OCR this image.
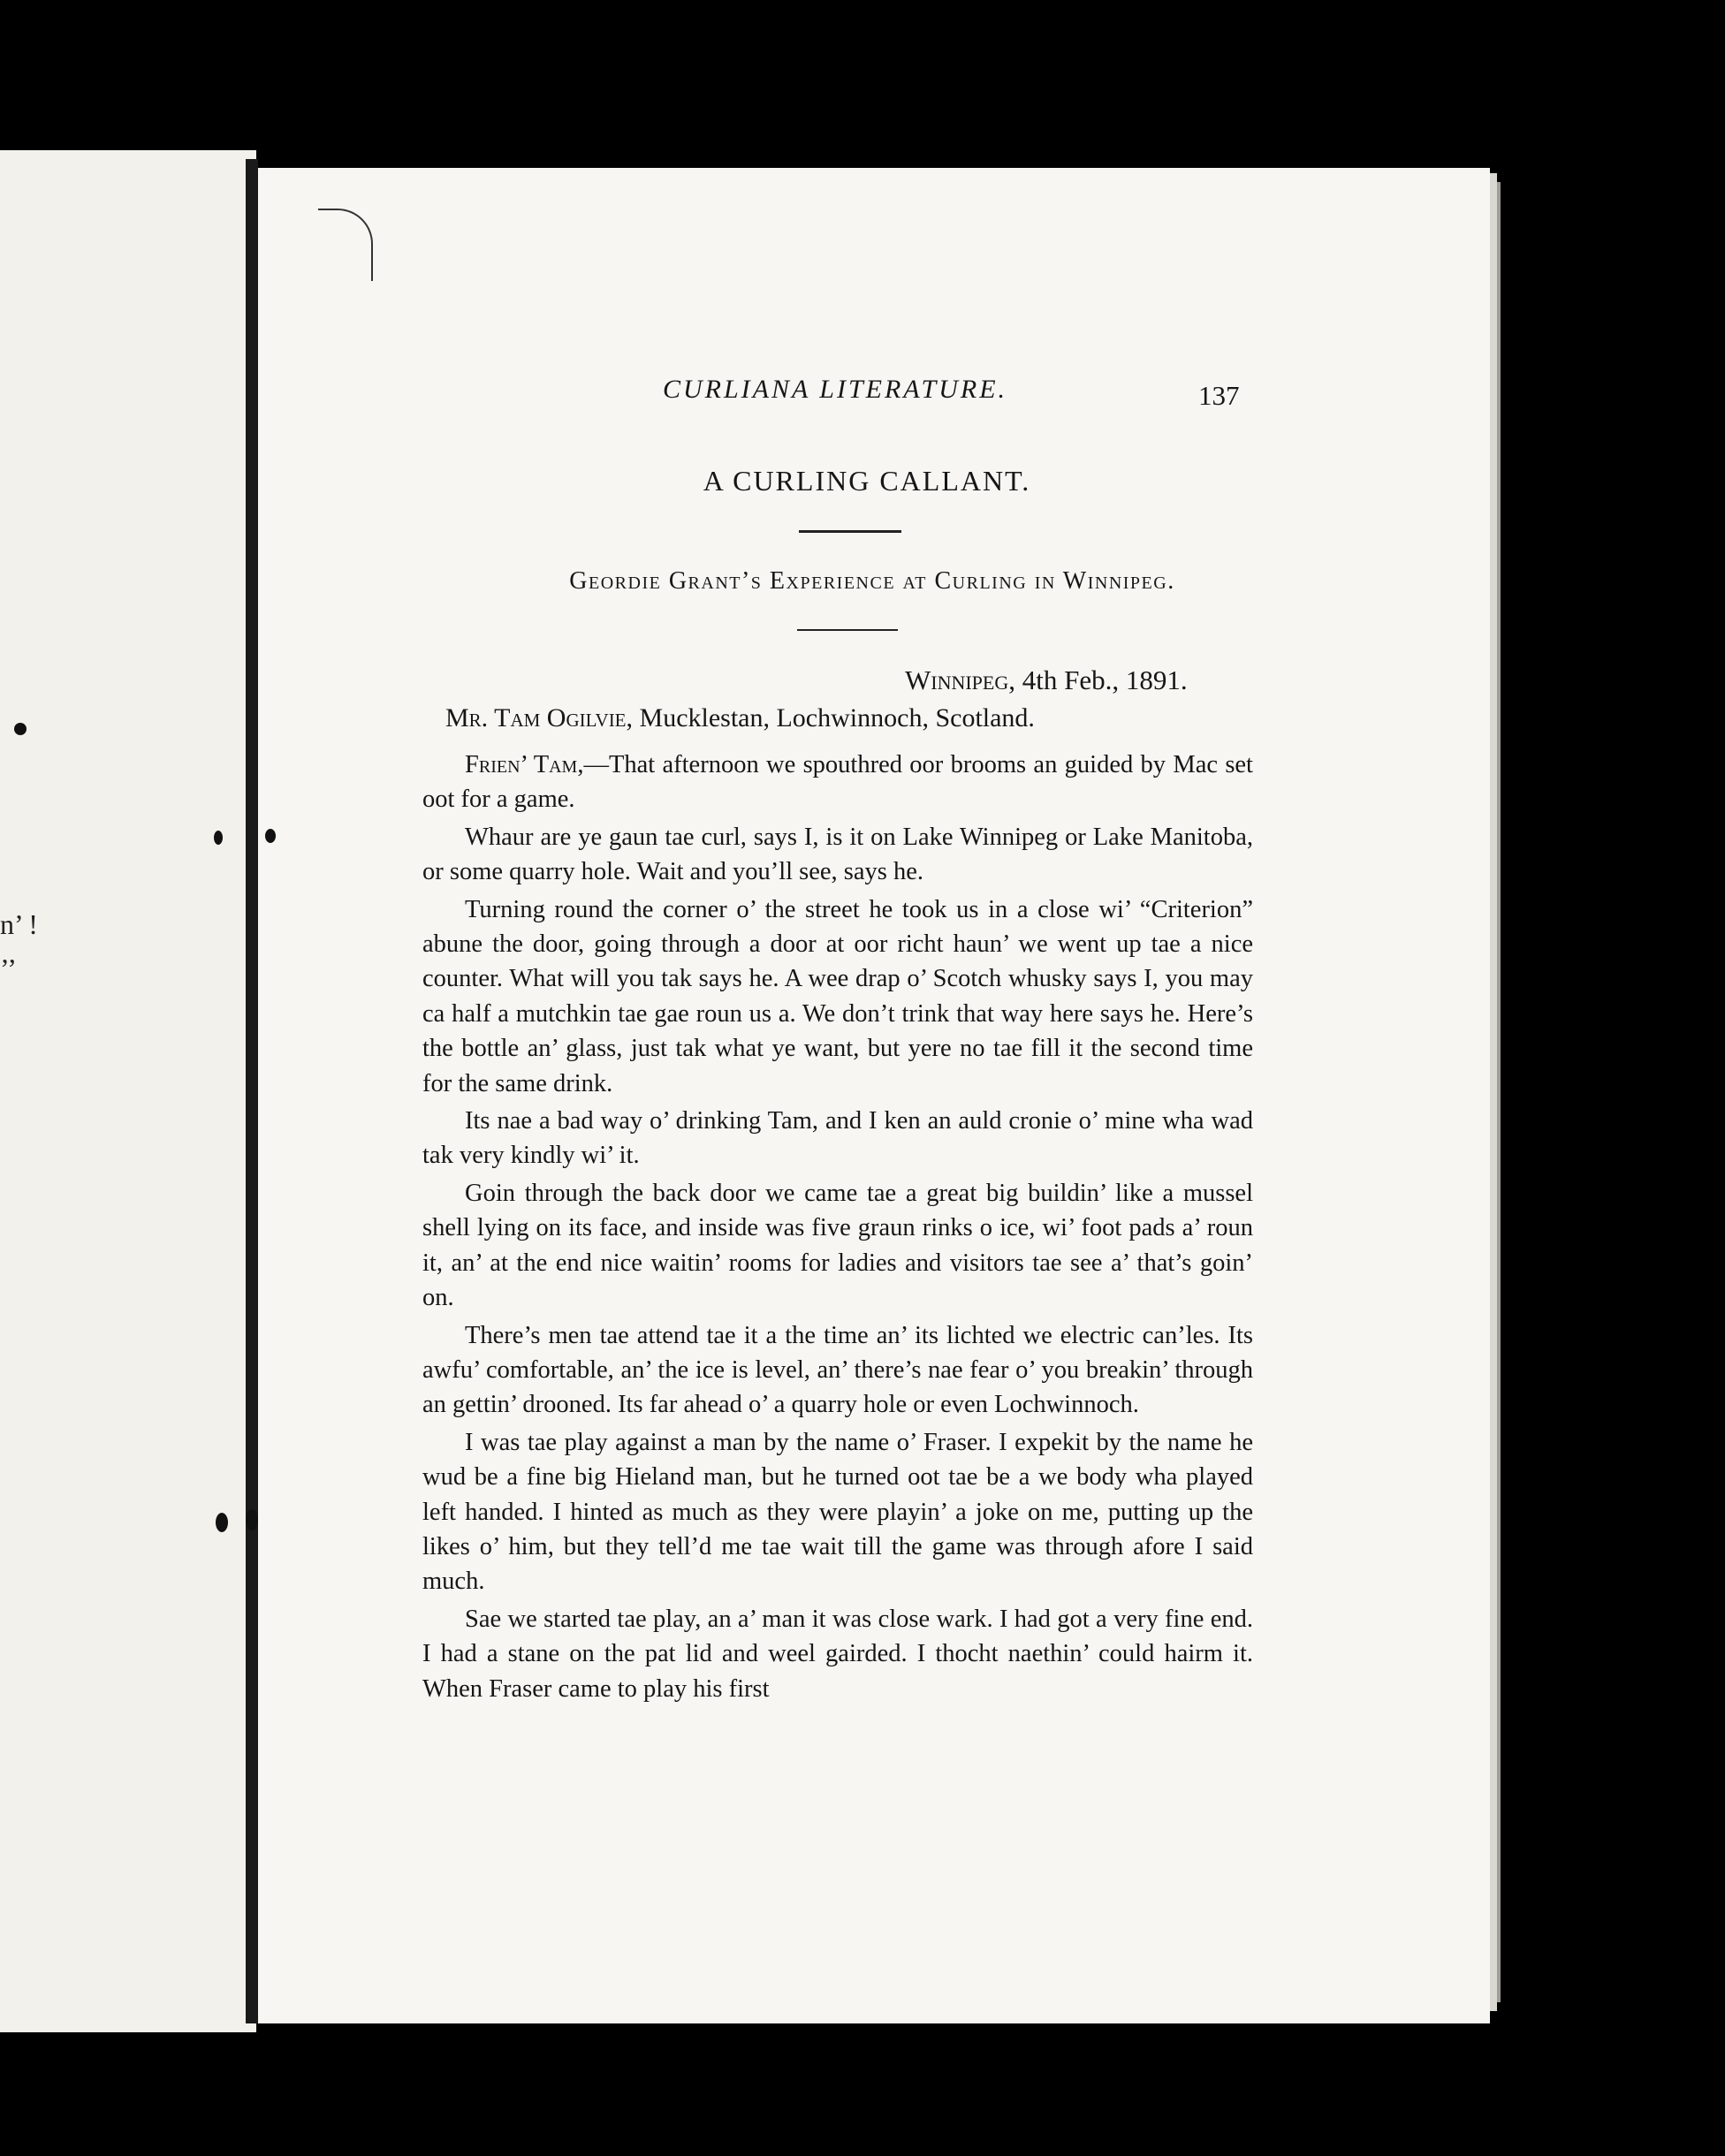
n’ !
’’
CURLIANA LITERATURE.	137
A CURLING CALLANT.
Geordie Grant’s Experience at Curling in Winnipeg.
Winnipeg, 4th Feb., 1891.
Mr. Tam Ogilvie, Mucklestan, Lochwinnoch, Scotland.

Frien’ Tam,—That afternoon we spouthred oor brooms an guided by Mac set oot for a game.

Whaur are ye gaun tae curl, says I, is it on Lake Winnipeg or Lake Manitoba, or some quarry hole. Wait and you’ll see, says he.

Turning round the corner o’ the street he took us in a close wi’ “Criterion” abune the door, going through a door at oor richt haun’ we went up tae a nice counter. What will you tak says he. A wee drap o’ Scotch whusky says I, you may ca half a mutchkin tae gae roun us a. We don’t trink that way here says he. Here’s the bottle an’ glass, just tak what ye want, but yere no tae fill it the second time for the same drink.

Its nae a bad way o’ drinking Tam, and I ken an auld cronie o’ mine wha wad tak very kindly wi’ it.

Goin through the back door we came tae a great big buildin’ like a mussel shell lying on its face, and inside was five graun rinks o ice, wi’ foot pads a’ roun it, an’ at the end nice waitin’ rooms for ladies and visitors tae see a’ that’s goin’ on.

There’s men tae attend tae it a the time an’ its lichted we electric can’les. Its awfu’ comfortable, an’ the ice is level, an’ there’s nae fear o’ you breakin’ through an gettin’ drooned. Its far ahead o’ a quarry hole or even Lochwinnoch.

I was tae play against a man by the name o’ Fraser. I expekit by the name he wud be a fine big Hieland man, but he turned oot tae be a we body wha played left handed. I hinted as much as they were playin’ a joke on me, putting up the likes o’ him, but they tell’d me tae wait till the game was through afore I said much.

Sae we started tae play, an a’ man it was close wark. I had got a very fine end. I had a stane on the pat lid and weel gairded. I thocht naethin’ could hairm it. When Fraser came to play his first
